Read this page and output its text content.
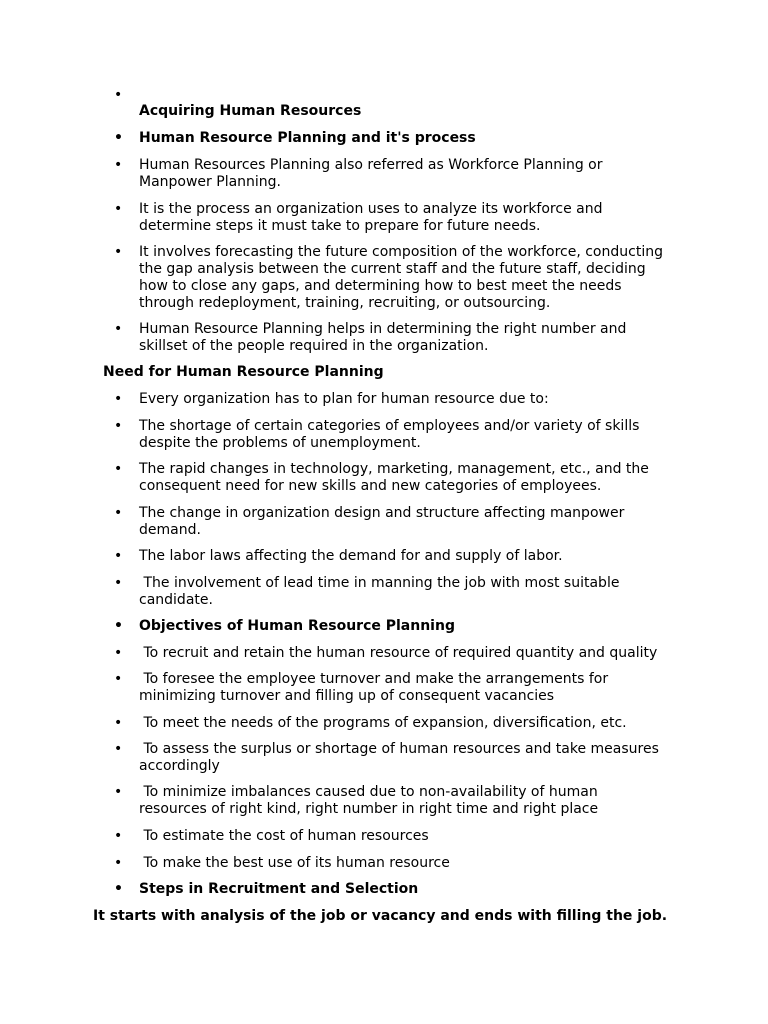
•
Acquiring Human Resources
• Human Resource Planning and it's process
• Human Resources Planning also referred as Workforce Planning or
Manpower Planning.
• It is the process an organization uses to analyze its workforce and
determine steps it must take to prepare for future needs.
• It involves forecasting the future composition of the workforce, conducting
the gap analysis between the current staff and the future staff, deciding
how to close any gaps, and determining how to best meet the needs
through redeployment, training, recruiting, or outsourcing.
• Human Resource Planning helps in determining the right number and
skillset of the people required in the organization.
Need for Human Resource Planning
• Every organization has to plan for human resource due to:
• The shortage of certain categories of employees and/or variety of skills
despite the problems of unemployment.
• The rapid changes in technology, marketing, management, etc., and the
consequent need for new skills and new categories of employees.
• The change in organization design and structure affecting manpower
demand.
• The labor laws affecting the demand for and supply of labor.
• The involvement of lead time in manning the job with most suitable
candidate.
• Objectives of Human Resource Planning
• To recruit and retain the human resource of required quantity and quality
• To foresee the employee turnover and make the arrangements for
minimizing turnover and filling up of consequent vacancies
• To meet the needs of the programs of expansion, diversification, etc.
• To assess the surplus or shortage of human resources and take measures
accordingly
• To minimize imbalances caused due to non-availability of human
resources of right kind, right number in right time and right place
• To estimate the cost of human resources
• To make the best use of its human resource
• Steps in Recruitment and Selection
It starts with analysis of the job or vacancy and ends with filling the job.
